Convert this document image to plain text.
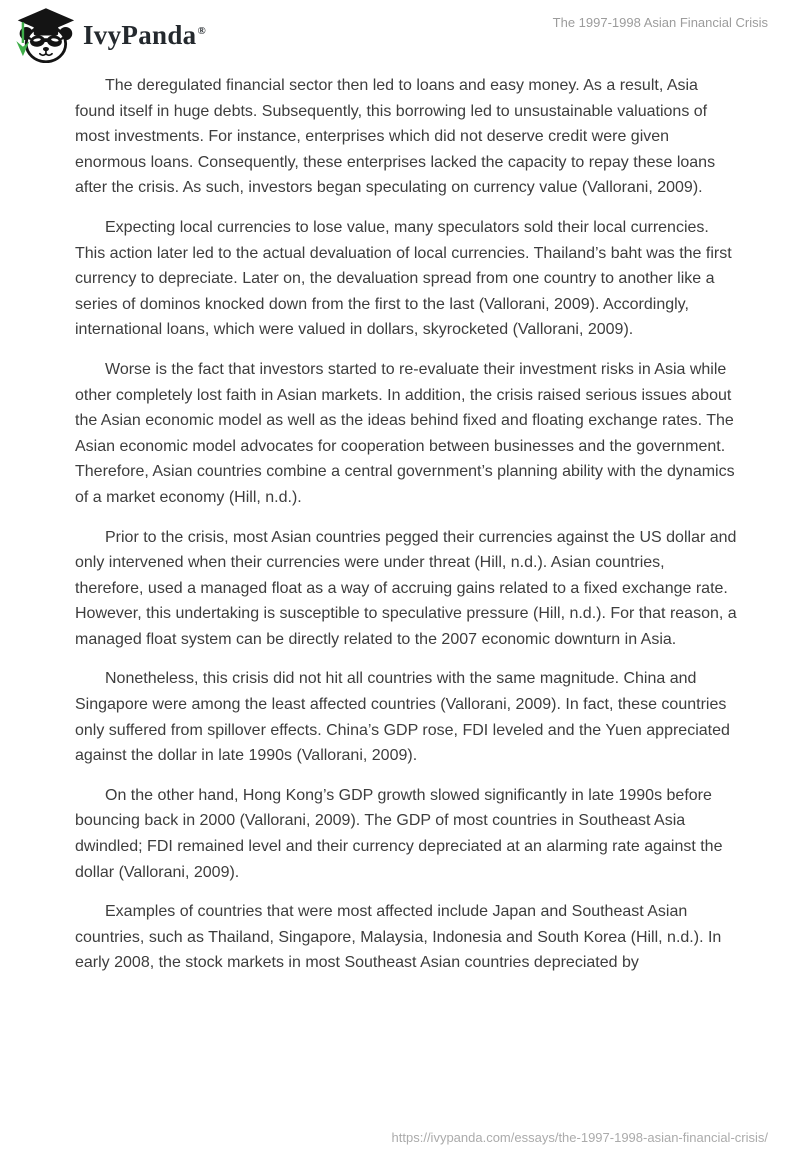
IvyPanda®
The 1997-1998 Asian Financial Crisis

The deregulated financial sector then led to loans and easy money. As a result, Asia found itself in huge debts. Subsequently, this borrowing led to unsustainable valuations of most investments. For instance, enterprises which did not deserve credit were given enormous loans. Consequently, these enterprises lacked the capacity to repay these loans after the crisis. As such, investors began speculating on currency value (Vallorani, 2009).

Expecting local currencies to lose value, many speculators sold their local currencies. This action later led to the actual devaluation of local currencies. Thailand’s baht was the first currency to depreciate. Later on, the devaluation spread from one country to another like a series of dominos knocked down from the first to the last (Vallorani, 2009). Accordingly, international loans, which were valued in dollars, skyrocketed (Vallorani, 2009).

Worse is the fact that investors started to re-evaluate their investment risks in Asia while other completely lost faith in Asian markets. In addition, the crisis raised serious issues about the Asian economic model as well as the ideas behind fixed and floating exchange rates. The Asian economic model advocates for cooperation between businesses and the government. Therefore, Asian countries combine a central government’s planning ability with the dynamics of a market economy (Hill, n.d.).

Prior to the crisis, most Asian countries pegged their currencies against the US dollar and only intervened when their currencies were under threat (Hill, n.d.). Asian countries, therefore, used a managed float as a way of accruing gains related to a fixed exchange rate. However, this undertaking is susceptible to speculative pressure (Hill, n.d.). For that reason, a managed float system can be directly related to the 2007 economic downturn in Asia.

Nonetheless, this crisis did not hit all countries with the same magnitude. China and Singapore were among the least affected countries (Vallorani, 2009). In fact, these countries only suffered from spillover effects. China’s GDP rose, FDI leveled and the Yuen appreciated against the dollar in late 1990s (Vallorani, 2009).

On the other hand, Hong Kong’s GDP growth slowed significantly in late 1990s before bouncing back in 2000 (Vallorani, 2009). The GDP of most countries in Southeast Asia dwindled; FDI remained level and their currency depreciated at an alarming rate against the dollar (Vallorani, 2009).

Examples of countries that were most affected include Japan and Southeast Asian countries, such as Thailand, Singapore, Malaysia, Indonesia and South Korea (Hill, n.d.). In early 2008, the stock markets in most Southeast Asian countries depreciated by

https://ivypanda.com/essays/the-1997-1998-asian-financial-crisis/
